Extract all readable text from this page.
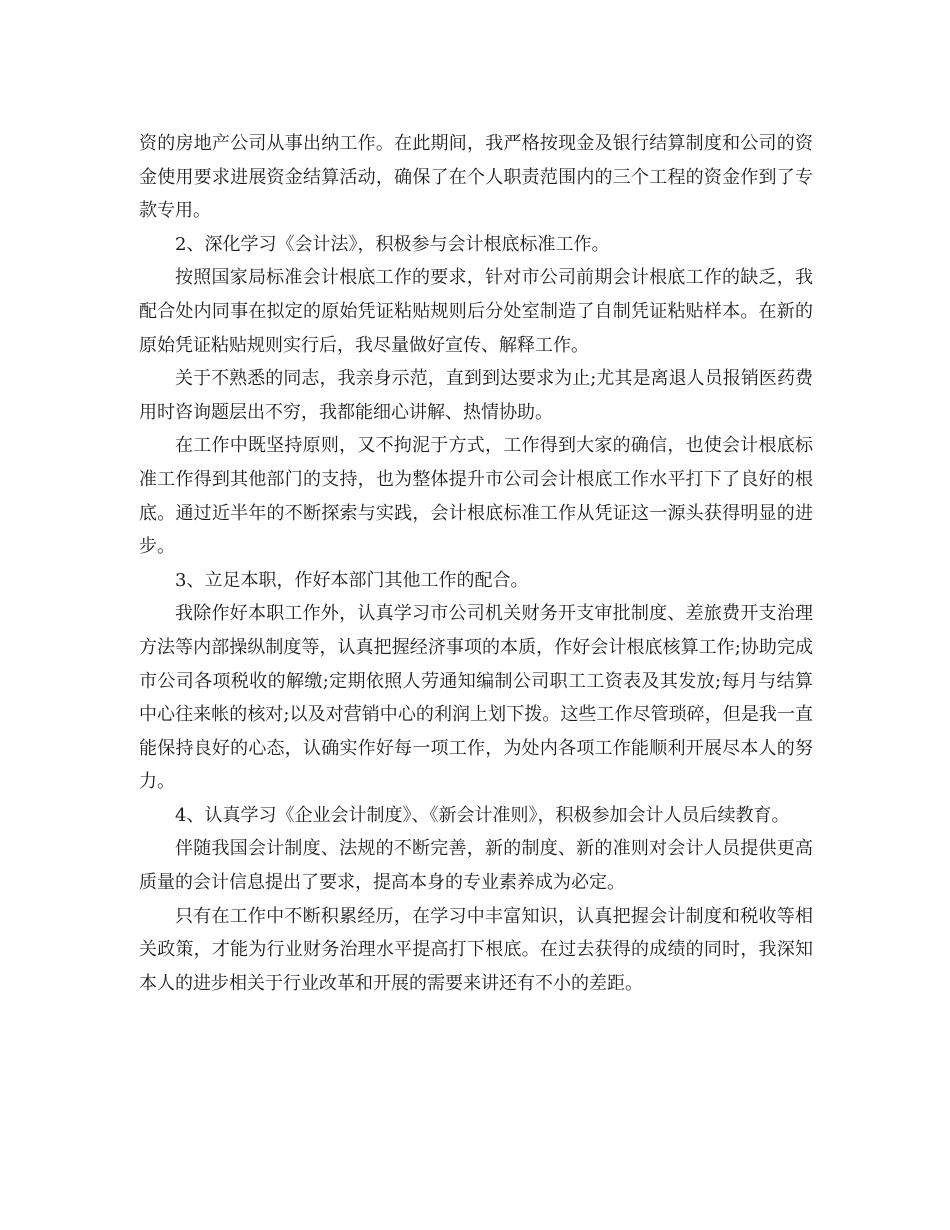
资的房地产公司从事出纳工作。在此期间，我严格按现金及银行结算制度和公司的资金使用要求进展资金结算活动，确保了在个人职责范围内的三个工程的资金作到了专款专用。

2、深化学习《会计法》，积极参与会计根底标准工作。

按照国家局标准会计根底工作的要求，针对市公司前期会计根底工作的缺乏，我配合处内同事在拟定的原始凭证粘贴规则后分处室制造了自制凭证粘贴样本。在新的原始凭证粘贴规则实行后，我尽量做好宣传、解释工作。

关于不熟悉的同志，我亲身示范，直到到达要求为止;尤其是离退人员报销医药费用时咨询题层出不穷，我都能细心讲解、热情协助。

在工作中既坚持原则，又不拘泥于方式，工作得到大家的确信，也使会计根底标准工作得到其他部门的支持，也为整体提升市公司会计根底工作水平打下了良好的根底。通过近半年的不断探索与实践，会计根底标准工作从凭证这一源头获得明显的进步。

3、立足本职，作好本部门其他工作的配合。

我除作好本职工作外，认真学习市公司机关财务开支审批制度、差旅费开支治理方法等内部操纵制度等，认真把握经济事项的本质，作好会计根底核算工作;协助完成市公司各项税收的解缴;定期依照人劳通知编制公司职工工资表及其发放;每月与结算中心往来帐的核对;以及对营销中心的利润上划下拨。这些工作尽管琐碎，但是我一直能保持良好的心态，认确实作好每一项工作，为处内各项工作能顺利开展尽本人的努力。

4、认真学习《企业会计制度》、《新会计准则》，积极参加会计人员后续教育。

伴随我国会计制度、法规的不断完善，新的制度、新的准则对会计人员提供更高质量的会计信息提出了要求，提高本身的专业素养成为必定。

只有在工作中不断积累经历，在学习中丰富知识，认真把握会计制度和税收等相关政策，才能为行业财务治理水平提高打下根底。在过去获得的成绩的同时，我深知本人的进步相关于行业改革和开展的需要来讲还有不小的差距。
